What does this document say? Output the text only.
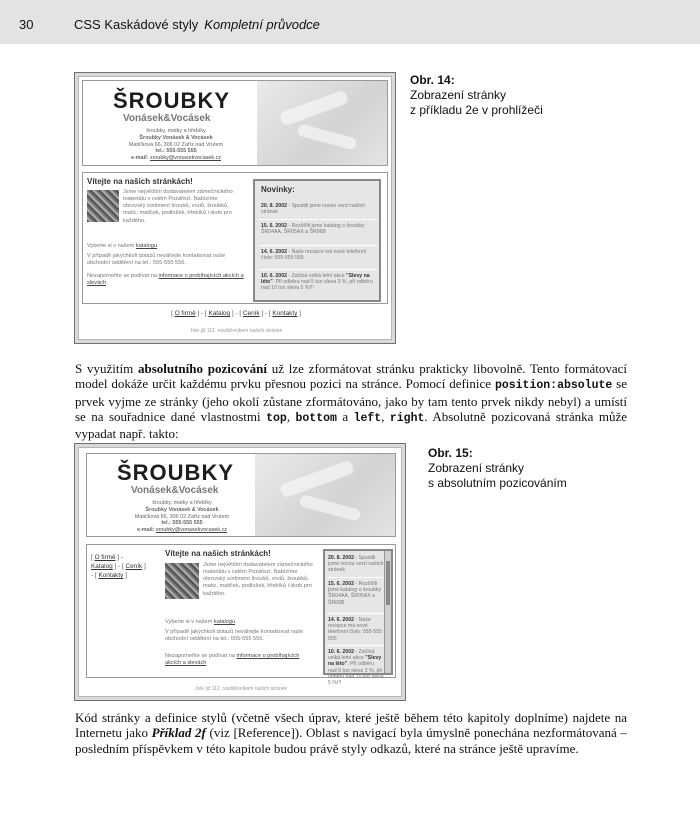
30	CSS Kaskádové styly Kompletní průvodce
ŠROUBKY
Vonásek&Vocásek
šroubky, matky a hřebíky
Šroubky Vonásek & Vocásek
Matičková 66, 306 02 Zaříz nad Vrutem
tel.: 555-555 555
e-mail: sroubky@vonasekvocasek.cz
Vítejte na našich stránkách!
Jsme největším dodavatelem zámečnického materiálu v celém Pozářezí. Nabízíme obrovský sortiment šroubů, vrutů, šroubků, matic, matiček, podložek, hřebíků i skob pro každého.
Vyberte si v našem katalogu
V případě jakýchkoli dotazů neváhejte kontaktovat naše obchodní oddělení na tel.: 555-555 556.
Nezapomeňte se podívat na informace o probíhajících akcích a slevách
Novinky:
20. 8. 2002 - Spustili jsme novou verzi našich stránek
15. 6. 2002 - Rozšířili jsme katalog o šroubky ŠR04AA, ŠR05AX a ŠR06B
14. 6. 2002 - Naše recepce má nové telefonní číslo: 555-555 555
10. 6. 2002 - Začíná velká letní akce "Slevy na léto". Při odběru nad 5 tun sleva 3 %, při odběru nad 10 tun sleva 5 %!!!
[ O firmě ] - [ Katalog ] - [ Ceník ] - [ Kontakty ]
Jste již 112. návštěvníkem našich stránek
Obr. 14:
Zobrazení stránky
z příkladu 2e v prohlížeči
S využitím absolutního pozicování už lze zformátovat stránku prakticky libovolně. Tento formátovací model dokáže určit každému prvku přesnou pozici na stránce. Pomocí definice position:absolute se prvek vyjme ze stránky (jeho okolí zůstane zformátováno, jako by tam tento prvek nikdy nebyl) a umístí se na souřadnice dané vlastnostmi top, bottom a left, right. Absolutně pozicovaná stránka může vypadat např. takto:
ŠROUBKY
Vonásek&Vocásek
šroubky, matky a hřebíky
Šroubky Vonásek & Vocásek
Matičková 66, 306 02 Zaříz nad Vrutem
tel.: 555-555 555
e-mail: sroubky@vonasekvocasek.cz
[ O firmě ] -
Katalog ] - [ Ceník ]
- [ Kontakty ]
Vítejte na našich stránkách!
Jsme největším dodavatelem zámečnického materiálu v celém Pozářezí. Nabízíme obrovský sortiment šroubů, vrutů, šroubků, matic, matiček, podložek, hřebíků i skob pro každého.
Vyberte si v našem katalogu
V případě jakýchkoli dotazů neváhejte kontaktovat naše obchodní oddělení na tel.: 555-555 556.
Nezapomeňte se podívat na informace o probíhajících akcích a slevách
20. 8. 2002 - Spustili jsme novou verzi našich stránek
15. 6. 2002 - Rozšířili jsme katalog o šroubky ŠR04AA, ŠR05AX a ŠR06B
14. 6. 2002 - Naše recepce má nové telefonní číslo: 555-555 555
10. 6. 2002 - Začíná velká letní akce "Slevy na léto". Při odběru nad 5 tun sleva 3 %, při odběru nad 10 tun sleva 5 %!!!
Jste již 112. návštěvníkem našich stránek
Obr. 15:
Zobrazení stránky
s absolutním pozicováním
Kód stránky a definice stylů (včetně všech úprav, které ještě během této kapitoly doplníme) najdete na Internetu jako Příklad 2f (viz [Reference]). Oblast s navigací byla úmyslně ponechána nezformátovaná – posledním příspěvkem v této kapitole budou právě styly odkazů, které na stránce ještě upravíme.
